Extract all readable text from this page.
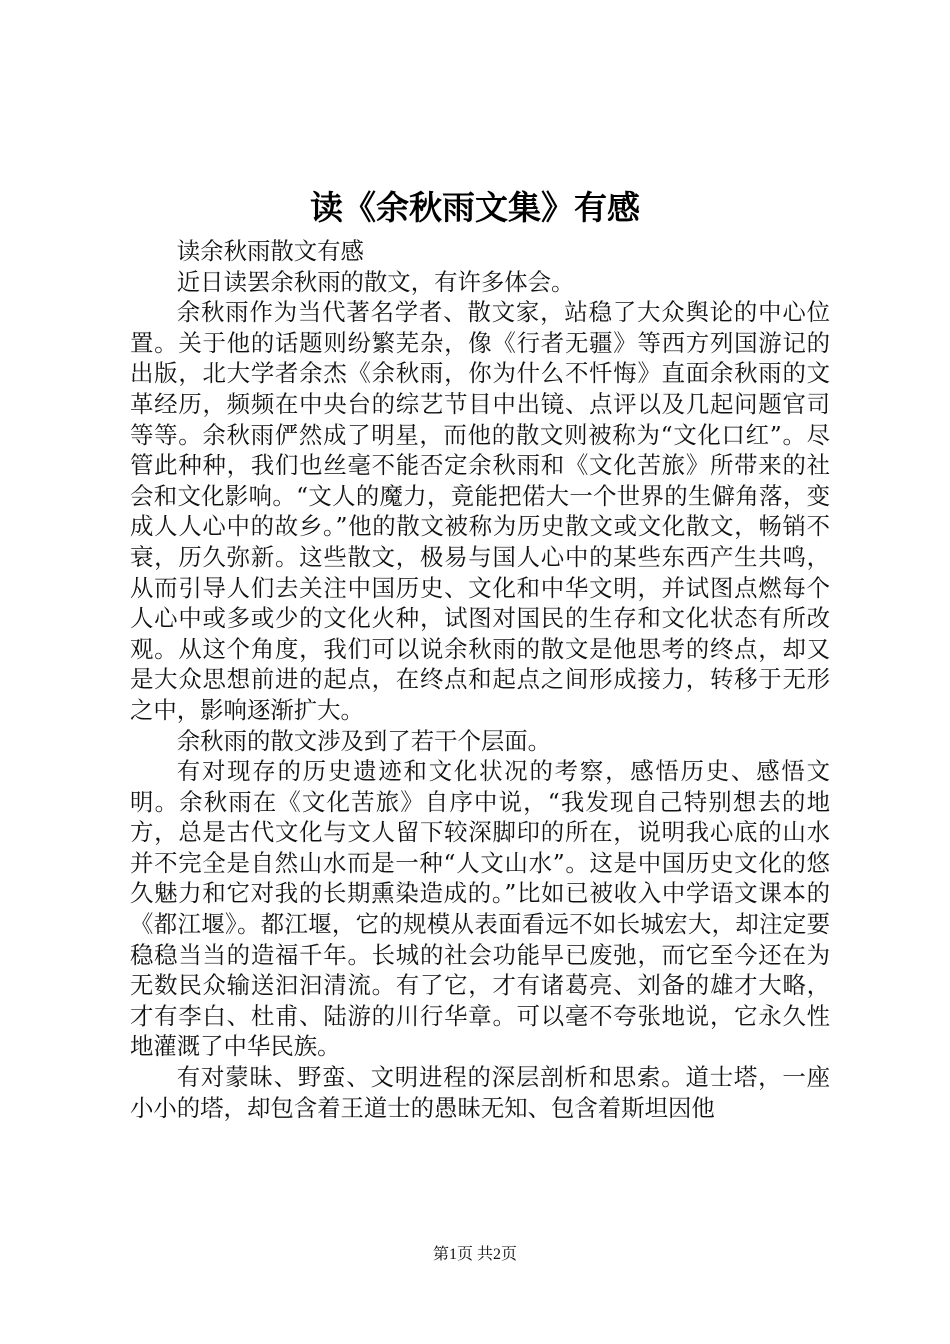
读《余秋雨文集》有感

读余秋雨散文有感

近日读罢余秋雨的散文，有许多体会。

余秋雨作为当代著名学者、散文家，站稳了大众舆论的中心位置。关于他的话题则纷繁芜杂，像《行者无疆》等西方列国游记的出版，北大学者余杰《余秋雨，你为什么不忏悔》直面余秋雨的文革经历，频频在中央台的综艺节目中出镜、点评以及几起问题官司等等。余秋雨俨然成了明星，而他的散文则被称为“文化口红”。尽管此种种，我们也丝毫不能否定余秋雨和《文化苦旅》所带来的社会和文化影响。“文人的魔力，竟能把偌大一个世界的生僻角落，变成人人心中的故乡。”他的散文被称为历史散文或文化散文，畅销不衰，历久弥新。这些散文，极易与国人心中的某些东西产生共鸣，从而引导人们去关注中国历史、文化和中华文明，并试图点燃每个人心中或多或少的文化火种，试图对国民的生存和文化状态有所改观。从这个角度，我们可以说余秋雨的散文是他思考的终点，却又是大众思想前进的起点，在终点和起点之间形成接力，转移于无形之中，影响逐渐扩大。

余秋雨的散文涉及到了若干个层面。

有对现存的历史遗迹和文化状况的考察，感悟历史、感悟文明。余秋雨在《文化苦旅》自序中说，“我发现自己特别想去的地方，总是古代文化与文人留下较深脚印的所在，说明我心底的山水并不完全是自然山水而是一种“人文山水”。这是中国历史文化的悠久魅力和它对我的长期熏染造成的。”比如已被收入中学语文课本的《都江堰》。都江堰，它的规模从表面看远不如长城宏大，却注定要稳稳当当的造福千年。长城的社会功能早已废弛，而它至今还在为无数民众输送汩汩清流。有了它，才有诸葛亮、刘备的雄才大略，才有李白、杜甫、陆游的川行华章。可以毫不夸张地说，它永久性地灌溉了中华民族。

有对蒙昧、野蛮、文明进程的深层剖析和思索。道士塔，一座小小的塔，却包含着王道士的愚昧无知、包含着斯坦因他

第1页 共2页
